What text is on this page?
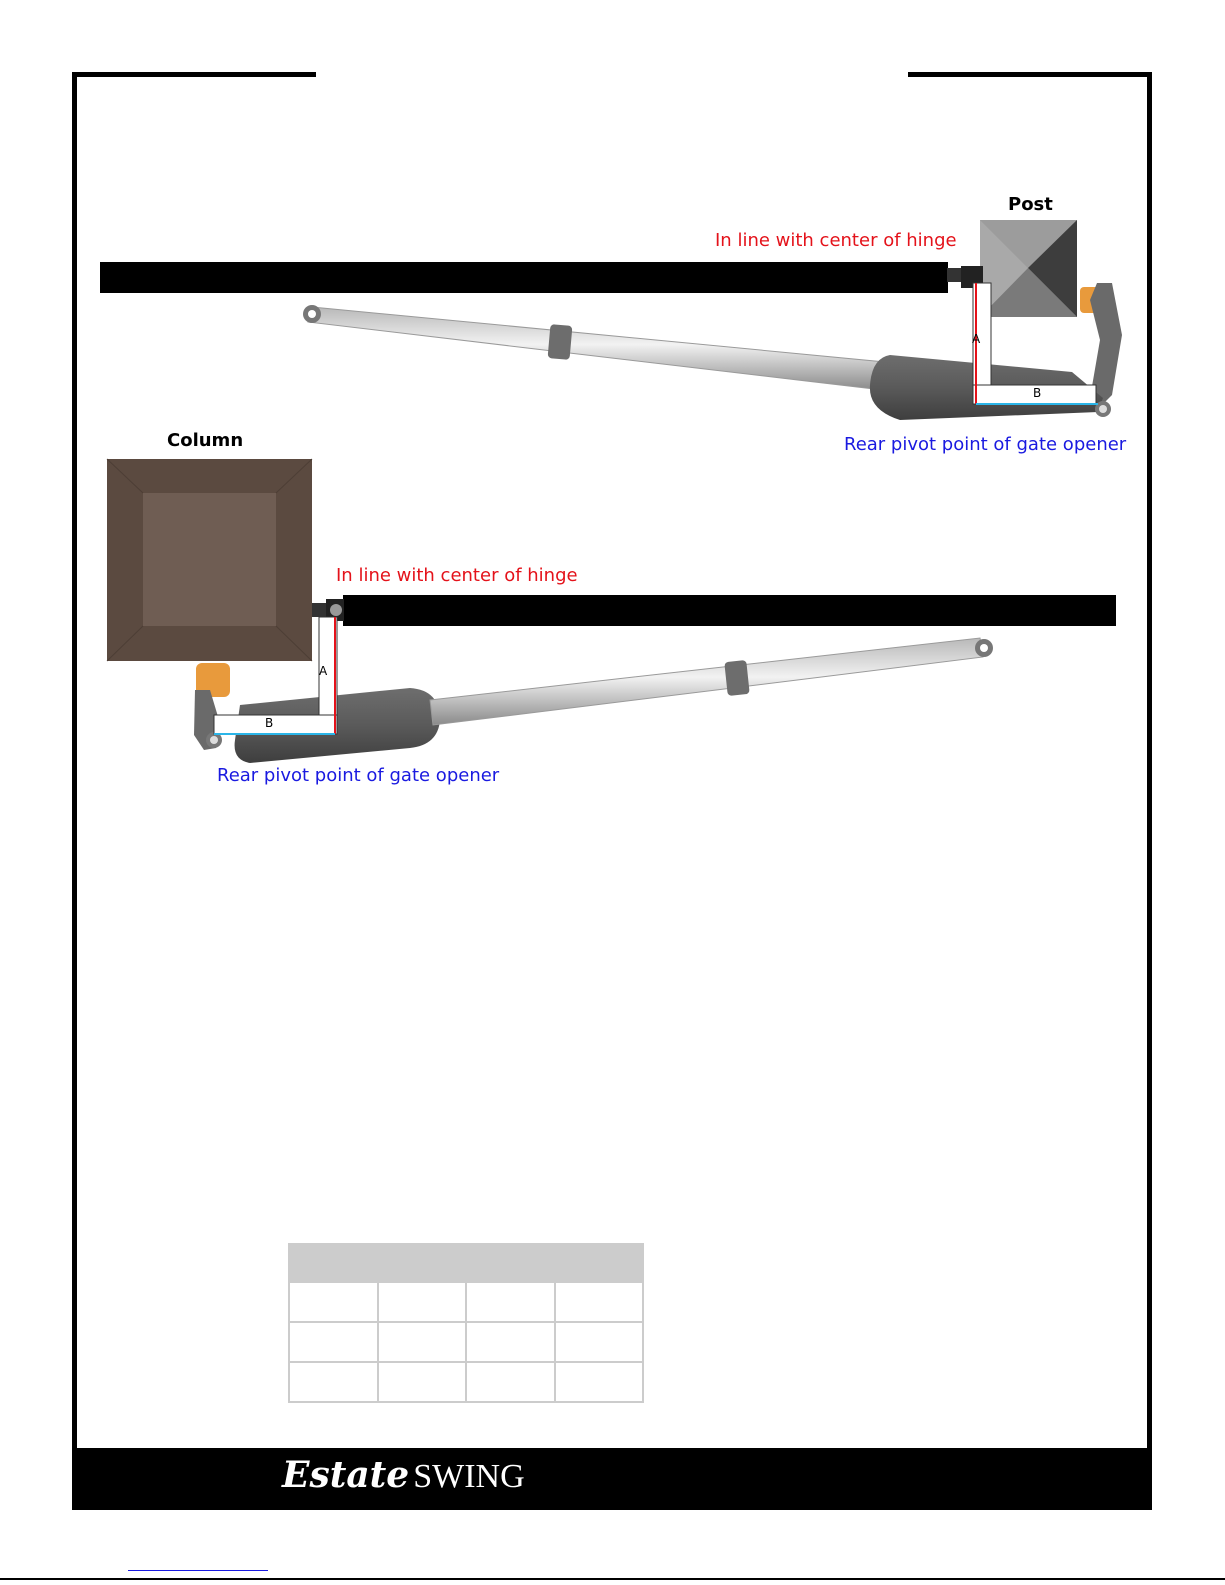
A
B
A
B
Post
In line with center of hinge
Rear pivot point of gate opener
Column
In line with center of hinge
Rear pivot point of gate opener

Estate SWING
